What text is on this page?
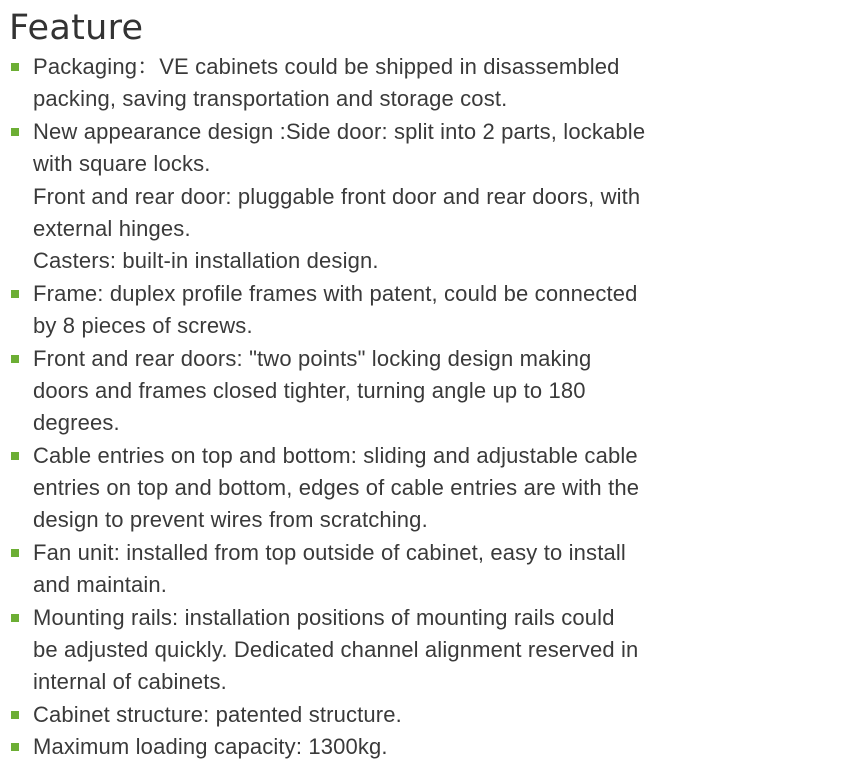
Feature
Packaging：VE cabinets could be shipped in disassembled
packing, saving transportation and storage cost.
New appearance design :Side door: split into 2 parts, lockable
with square locks.
Front and rear door: pluggable front door and rear doors, with
external hinges.
Casters: built-in installation design.
Frame: duplex profile frames with patent, could be connected
by 8 pieces of screws.
Front and rear doors: "two points" locking design making
doors and frames closed tighter, turning angle up to 180
degrees.
Cable entries on top and bottom: sliding and adjustable cable
entries on top and bottom, edges of cable entries are with the
design to prevent wires from scratching.
Fan unit: installed from top outside of cabinet, easy to install
and maintain.
Mounting rails: installation positions of mounting rails could
be adjusted quickly. Dedicated channel alignment reserved in
internal of cabinets.
Cabinet structure: patented structure.
Maximum loading capacity: 1300kg.
